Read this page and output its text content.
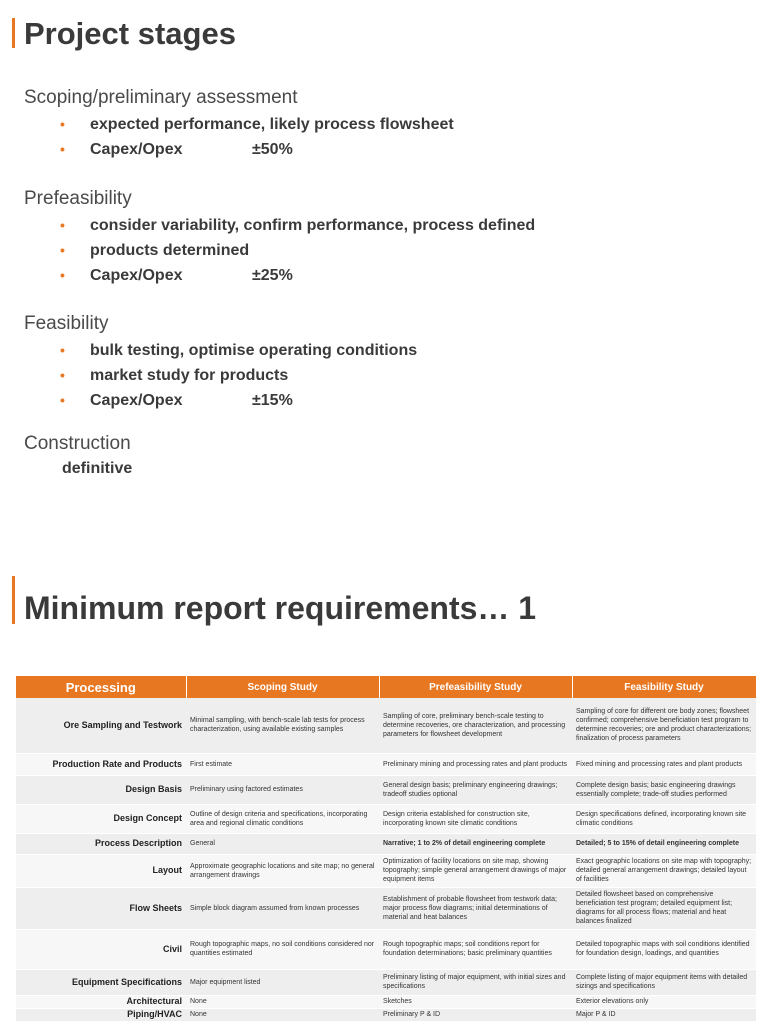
Project stages
Scoping/preliminary assessment
• expected performance, likely process flowsheet
• Capex/Opex	±50%
Prefeasibility
• consider variability, confirm performance, process defined
• products determined
• Capex/Opex	±25%
Feasibility
• bulk testing, optimise operating conditions
• market study for products
• Capex/Opex	±15%
Construction
definitive
Minimum report requirements… 1
Processing	Scoping Study	Prefeasibility Study	Feasibility Study
Ore Sampling and Testwork	Minimal sampling, with bench-scale lab tests for process characterization, using available existing samples	Sampling of core, preliminary bench-scale testing to determine recoveries, ore characterization, and processing parameters for flowsheet development	Sampling of core for different ore body zones; flowsheet confirmed; comprehensive beneficiation test program to determine recoveries; ore and product characterizations; finalization of process parameters
Production Rate and Products	First estimate	Preliminary mining and processing rates and plant products	Fixed mining and processing rates and plant products
Design Basis	Preliminary using factored estimates	General design basis; preliminary engineering drawings; tradeoff studies optional	Complete design basis; basic engineering drawings essentially complete; trade-off studies performed
Design Concept	Outline of design criteria and specifications, incorporating area and regional climatic conditions	Design criteria established for construction site, incorporating known site climatic conditions	Design specifications defined, incorporating known site climatic conditions
Process Description	General	Narrative; 1 to 2% of detail engineering complete	Detailed; 5 to 15% of detail engineering complete
Layout	Approximate geographic locations and site map; no general arrangement drawings	Optimization of facility locations on site map, showing topography; simple general arrangement drawings of major equipment items	Exact geographic locations on site map with topography; detailed general arrangement drawings; detailed layout of facilities
Flow Sheets	Simple block diagram assumed from known processes	Establishment of probable flowsheet from testwork data; major process flow diagrams; initial determinations of material and heat balances	Detailed flowsheet based on comprehensive beneficiation test program; detailed equipment list; diagrams for all process flows; material and heat balances finalized
Civil	Rough topographic maps, no soil conditions considered nor quantities estimated	Rough topographic maps; soil conditions report for foundation determinations; basic preliminary quantities	Detailed topographic maps with soil conditions identified for foundation design, loadings, and quantities
Equipment Specifications	Major equipment listed	Preliminary listing of major equipment, with initial sizes and specifications	Complete listing of major equipment items with detailed sizings and specifications
Architectural	None	Sketches	Exterior elevations only
Piping/HVAC	None	Preliminary P & ID	Major P & ID
